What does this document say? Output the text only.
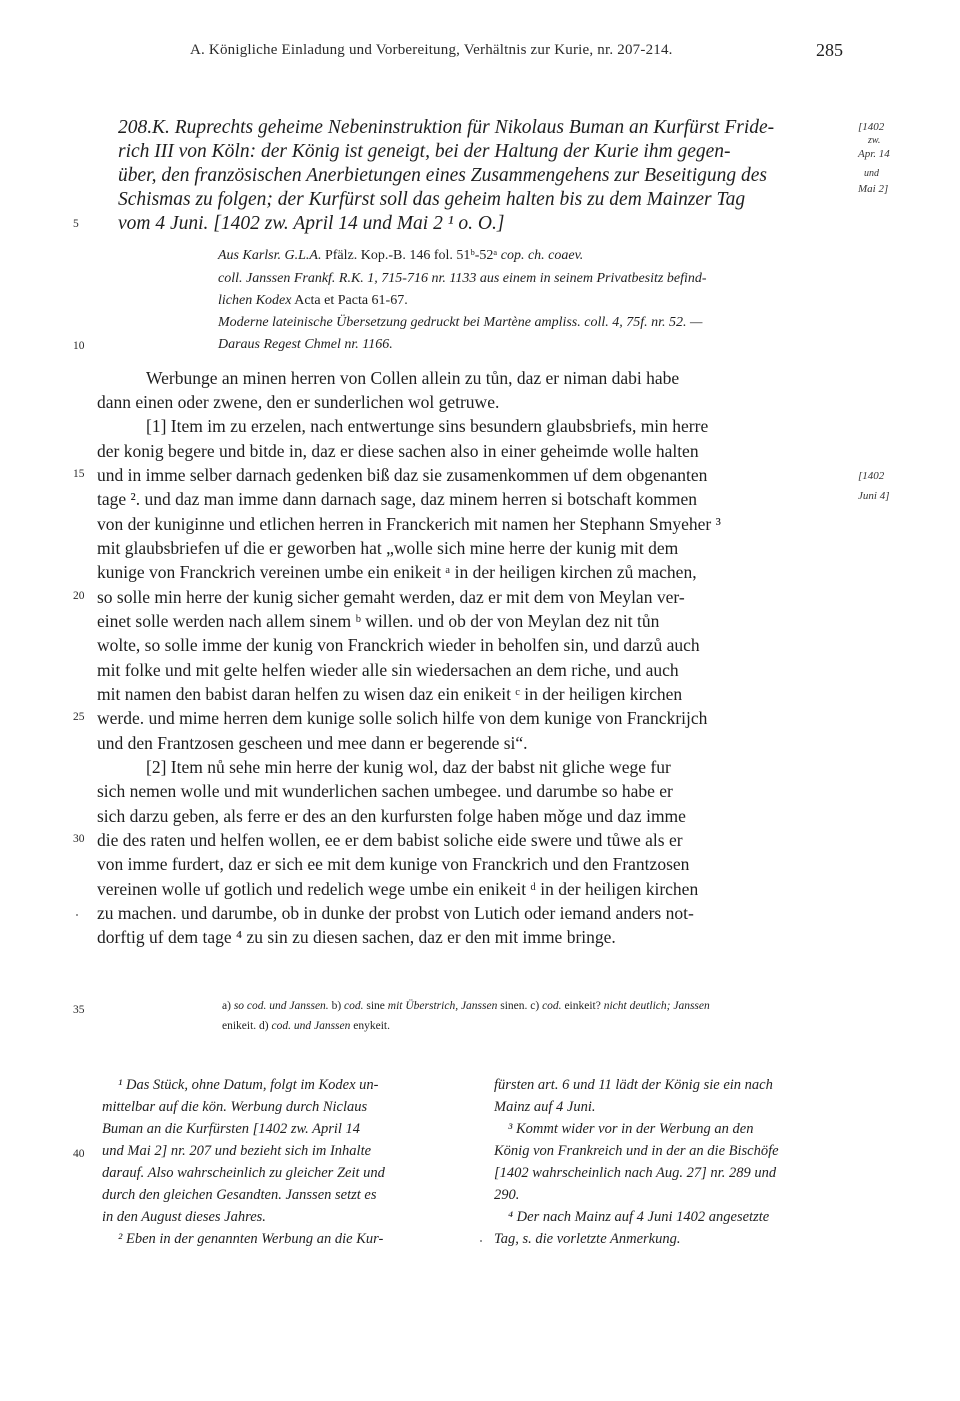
A. Königliche Einladung und Vorbereitung, Verhältnis zur Kurie, nr. 207-214.	285
208. K. Ruprechts geheime Nebeninstruktion für Nikolaus Buman an Kurfürst Fride-
rich III von Köln: der König ist geneigt, bei der Haltung der Kurie ihm gegen-
über, den französischen Anerbietungen eines Zusammengehens zur Beseitigung des
Schismas zu folgen; der Kurfürst soll das geheim halten bis zu dem Mainzer Tag
vom 4 Juni. [1402 zw. April 14 und Mai 2 ¹ o. O.]
[1402
zw.
Apr. 14
und
Mai 2]
Aus Karlsr. G.L.A. Pfälz. Kop.-B. 146 fol. 51ᵇ-52ᵃ cop. ch. coaev.
coll. Janssen Frankf. R.K. 1, 715-716 nr. 1133 aus einem in seinem Privatbesitz befind-
lichen Kodex Acta et Pacta 61-67.
Moderne lateinische Übersetzung gedruckt bei Martène ampliss. coll. 4, 75f. nr. 52. —
Daraus Regest Chmel nr. 1166.
Werbunge an minen herren von Collen allein zu tůn, daz er niman dabi habe
dann einen oder zwene, den er sunderlichen wol getruwe.
[1] Item im zu erzelen, nach entwertunge sins besundern glaubsbriefs, min herre
der konig begere und bitde in, daz er diese sachen also in einer geheimde wolle halten
und in imme selber darnach gedenken biß daz sie zusamenkommen uf dem obgenanten
tage ². und daz man imme dann darnach sage, daz minem herren si botschaft kommen
von der kuniginne und etlichen herren in Franckerich mit namen her Stephann Smyeher ³
mit glaubsbriefen uf die er geworben hat „wolle sich mine herre der kunig mit dem
kunige von Franckrich vereinen umbe ein enikeit ᵃ in der heiligen kirchen zů machen,
so solle min herre der kunig sicher gemaht werden, daz er mit dem von Meylan ver-
einet solle werden nach allem sinem ᵇ willen. und ob der von Meylan dez nit tůn
wolte, so solle imme der kunig von Franckrich wieder in beholfen sin, und darzů auch
mit folke und mit gelte helfen wieder alle sin wiedersachen an dem riche, und auch
mit namen den babist daran helfen zu wisen daz ein enikeit ᶜ in der heiligen kirchen
werde. und mime herren dem kunige solle solich hilfe von dem kunige von Franckrijch
und den Frantzosen gescheen und mee dann er begerende si“.
[2] Item nů sehe min herre der kunig wol, daz der babst nit gliche wege fur
sich nemen wolle und mit wunderlichen sachen umbegee. und darumbe so habe er
sich darzu geben, als ferre er des an den kurfursten folge haben mǒge und daz imme
die des raten und helfen wollen, ee er dem babist soliche eide swere und tůwe als er
von imme furdert, daz er sich ee mit dem kunige von Franckrich und den Frantzosen
vereinen wolle uf gotlich und redelich wege umbe ein enikeit ᵈ in der heiligen kirchen
zu machen. und darumbe, ob in dunke der probst von Lutich oder iemand anders not-
dorftig uf dem tage ⁴ zu sin zu diesen sachen, daz er den mit imme bringe.
[1402
Juni 4]
a) so cod. und Janssen. b) cod. sine mit Überstrich, Janssen sinen. c) cod. einkeit? nicht deutlich; Janssen
enikeit. d) cod. und Janssen enykeit.
¹ Das Stück, ohne Datum, folgt im Kodex un-
mittelbar auf die kön. Werbung durch Niclaus
Buman an die Kurfürsten [1402 zw. April 14
und Mai 2] nr. 207 und bezieht sich im Inhalte
darauf. Also wahrscheinlich zu gleicher Zeit und
durch den gleichen Gesandten. Janssen setzt es
in den August dieses Jahres.
² Eben in der genannten Werbung an die Kur-
fürsten art. 6 und 11 lädt der König sie ein nach
Mainz auf 4 Juni.
³ Kommt wider vor in der Werbung an den
König von Frankreich und in der an die Bischöfe
[1402 wahrscheinlich nach Aug. 27] nr. 289 und
290.
⁴ Der nach Mainz auf 4 Juni 1402 angesetzte
Tag, s. die vorletzte Anmerkung.
5
10
15
20
25
30
35
40
